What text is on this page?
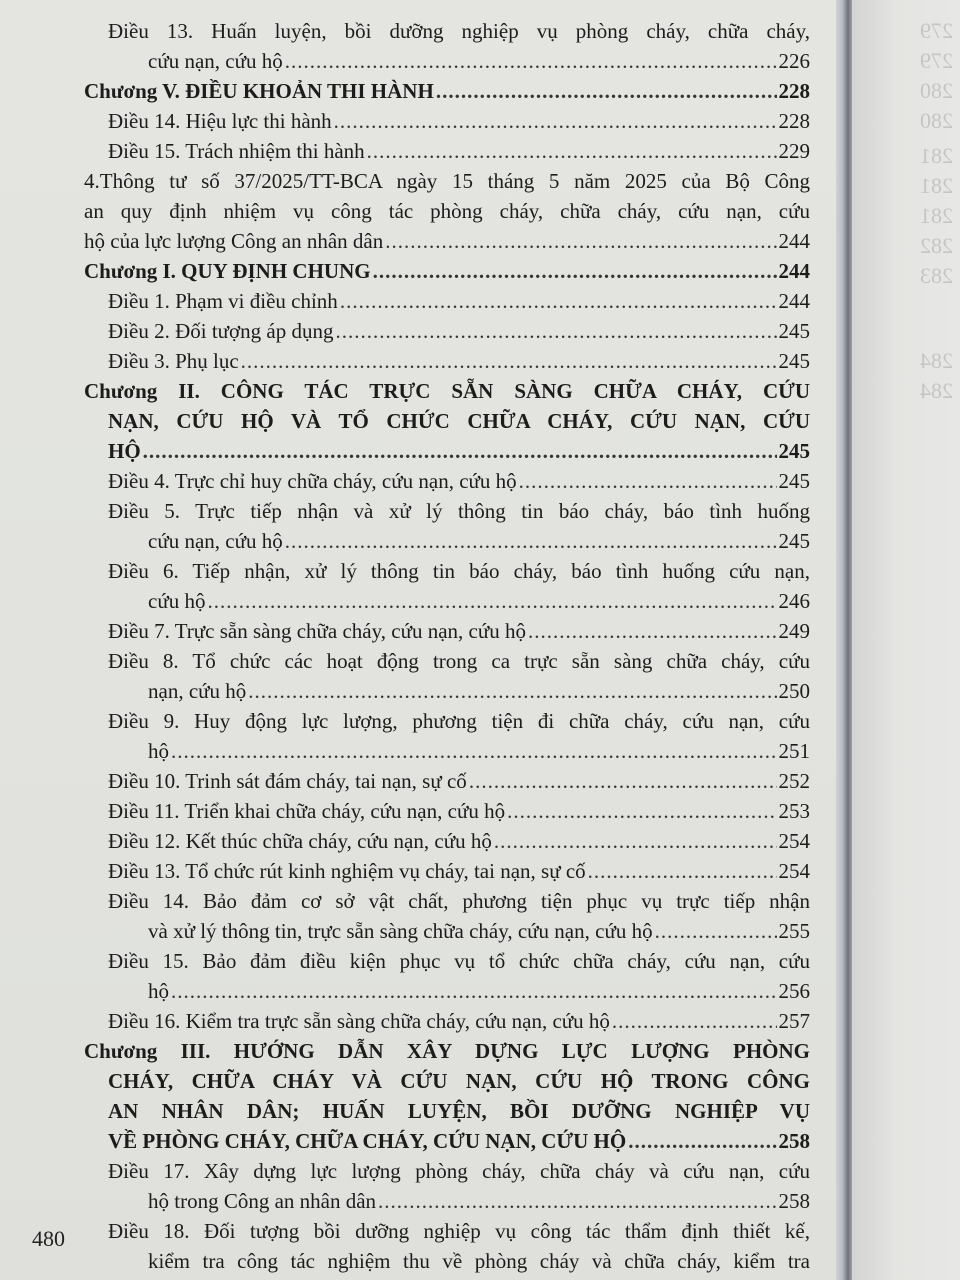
Điều 13. Huấn luyện, bồi dưỡng nghiệp vụ phòng cháy, chữa cháy,
cứu nạn, cứu hộ .....	226
Chương V. ĐIỀU KHOẢN THI HÀNH .....	228
Điều 14. Hiệu lực thi hành .....	228
Điều 15. Trách nhiệm thi hành .....	229
4. Thông tư số 37/2025/TT-BCA ngày 15 tháng 5 năm 2025 của Bộ Công
an quy định nhiệm vụ công tác phòng cháy, chữa cháy, cứu nạn, cứu
hộ của lực lượng Công an nhân dân .....	244
Chương I. QUY ĐỊNH CHUNG .....	244
Điều 1. Phạm vi điều chỉnh .....	244
Điều 2. Đối tượng áp dụng .....	245
Điều 3. Phụ lục .....	245
Chương II. CÔNG TÁC TRỰC SẴN SÀNG CHỮA CHÁY, CỨU
NẠN, CỨU HỘ VÀ TỔ CHỨC CHỮA CHÁY, CỨU NẠN, CỨU
HỘ .....	245
Điều 4. Trực chỉ huy chữa cháy, cứu nạn, cứu hộ .....	245
Điều 5. Trực tiếp nhận và xử lý thông tin báo cháy, báo tình huống
cứu nạn, cứu hộ .....	245
Điều 6. Tiếp nhận, xử lý thông tin báo cháy, báo tình huống cứu nạn,
cứu hộ .....	246
Điều 7. Trực sẵn sàng chữa cháy, cứu nạn, cứu hộ .....	249
Điều 8. Tổ chức các hoạt động trong ca trực sẵn sàng chữa cháy, cứu
nạn, cứu hộ .....	250
Điều 9. Huy động lực lượng, phương tiện đi chữa cháy, cứu nạn, cứu
hộ .....	251
Điều 10. Trinh sát đám cháy, tai nạn, sự cố .....	252
Điều 11. Triển khai chữa cháy, cứu nạn, cứu hộ .....	253
Điều 12. Kết thúc chữa cháy, cứu nạn, cứu hộ .....	254
Điều 13. Tổ chức rút kinh nghiệm vụ cháy, tai nạn, sự cố .....	254
Điều 14. Bảo đảm cơ sở vật chất, phương tiện phục vụ trực tiếp nhận
và xử lý thông tin, trực sẵn sàng chữa cháy, cứu nạn, cứu hộ .....	255
Điều 15. Bảo đảm điều kiện phục vụ tổ chức chữa cháy, cứu nạn, cứu
hộ .....	256
Điều 16. Kiểm tra trực sẵn sàng chữa cháy, cứu nạn, cứu hộ .....	257
Chương III. HƯỚNG DẪN XÂY DỰNG LỰC LƯỢNG PHÒNG
CHÁY, CHỮA CHÁY VÀ CỨU NẠN, CỨU HỘ TRONG CÔNG
AN NHÂN DÂN; HUẤN LUYỆN, BỒI DƯỠNG NGHIỆP VỤ
VỀ PHÒNG CHÁY, CHỮA CHÁY, CỨU NẠN, CỨU HỘ .....	258
Điều 17. Xây dựng lực lượng phòng cháy, chữa cháy và cứu nạn, cứu
hộ trong Công an nhân dân .....	258
Điều 18. Đối tượng bồi dưỡng nghiệp vụ công tác thẩm định thiết kế,
kiểm tra công tác nghiệm thu về phòng cháy và chữa cháy, kiểm tra
480
279
279
280
280
281
281
281
282
283
284
284
